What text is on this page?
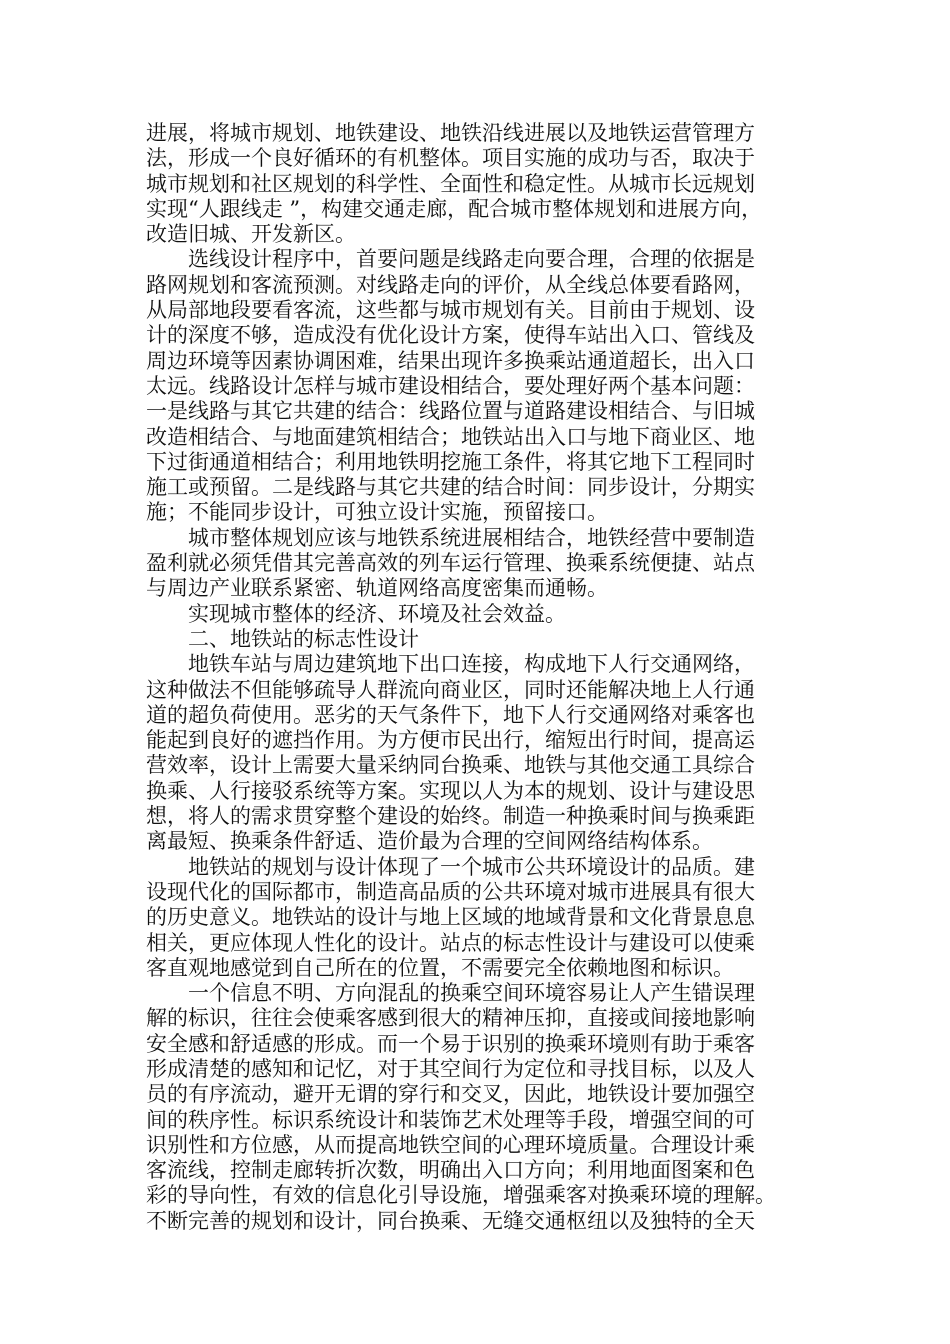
进展，将城市规划、地铁建设、地铁沿线进展以及地铁运营管理方
法，形成一个良好循环的有机整体。项目实施的成功与否，取决于
城市规划和社区规划的科学性、全面性和稳定性。从城市长远规划
实现“人跟线走 ”，构建交通走廊，配合城市整体规划和进展方向，
改造旧城、开发新区。
选线设计程序中，首要问题是线路走向要合理，合理的依据是
路网规划和客流预测。对线路走向的评价，从全线总体要看路网，
从局部地段要看客流，这些都与城市规划有关。目前由于规划、设
计的深度不够，造成没有优化设计方案，使得车站出入口、管线及
周边环境等因素协调困难，结果出现许多换乘站通道超长，出入口
太远。线路设计怎样与城市建设相结合，要处理好两个基本问题：
一是线路与其它共建的结合：线路位置与道路建设相结合、与旧城
改造相结合、与地面建筑相结合；地铁站出入口与地下商业区、地
下过街通道相结合；利用地铁明挖施工条件，将其它地下工程同时
施工或预留。二是线路与其它共建的结合时间：同步设计，分期实
施；不能同步设计，可独立设计实施，预留接口。
城市整体规划应该与地铁系统进展相结合，地铁经营中要制造
盈利就必须凭借其完善高效的列车运行管理、换乘系统便捷、站点
与周边产业联系紧密、轨道网络高度密集而通畅。
实现城市整体的经济、环境及社会效益。
二、地铁站的标志性设计
地铁车站与周边建筑地下出口连接，构成地下人行交通网络，
这种做法不但能够疏导人群流向商业区，同时还能解决地上人行通
道的超负荷使用。恶劣的天气条件下，地下人行交通网络对乘客也
能起到良好的遮挡作用。为方便市民出行，缩短出行时间，提高运
营效率，设计上需要大量采纳同台换乘、地铁与其他交通工具综合
换乘、人行接驳系统等方案。实现以人为本的规划、设计与建设思
想，将人的需求贯穿整个建设的始终。制造一种换乘时间与换乘距
离最短、换乘条件舒适、造价最为合理的空间网络结构体系。
地铁站的规划与设计体现了一个城市公共环境设计的品质。建
设现代化的国际都市，制造高品质的公共环境对城市进展具有很大
的历史意义。地铁站的设计与地上区域的地域背景和文化背景息息
相关，更应体现人性化的设计。站点的标志性设计与建设可以使乘
客直观地感觉到自己所在的位置，不需要完全依赖地图和标识。
一个信息不明、方向混乱的换乘空间环境容易让人产生错误理
解的标识，往往会使乘客感到很大的精神压抑，直接或间接地影响
安全感和舒适感的形成。而一个易于识别的换乘环境则有助于乘客
形成清楚的感知和记忆，对于其空间行为定位和寻找目标，以及人
员的有序流动，避开无谓的穿行和交叉，因此，地铁设计要加强空
间的秩序性。标识系统设计和装饰艺术处理等手段，增强空间的可
识别性和方位感，从而提高地铁空间的心理环境质量。合理设计乘
客流线，控制走廊转折次数，明确出入口方向；利用地面图案和色
彩的导向性，有效的信息化引导设施，增强乘客对换乘环境的理解。
不断完善的规划和设计，同台换乘、无缝交通枢纽以及独特的全天
